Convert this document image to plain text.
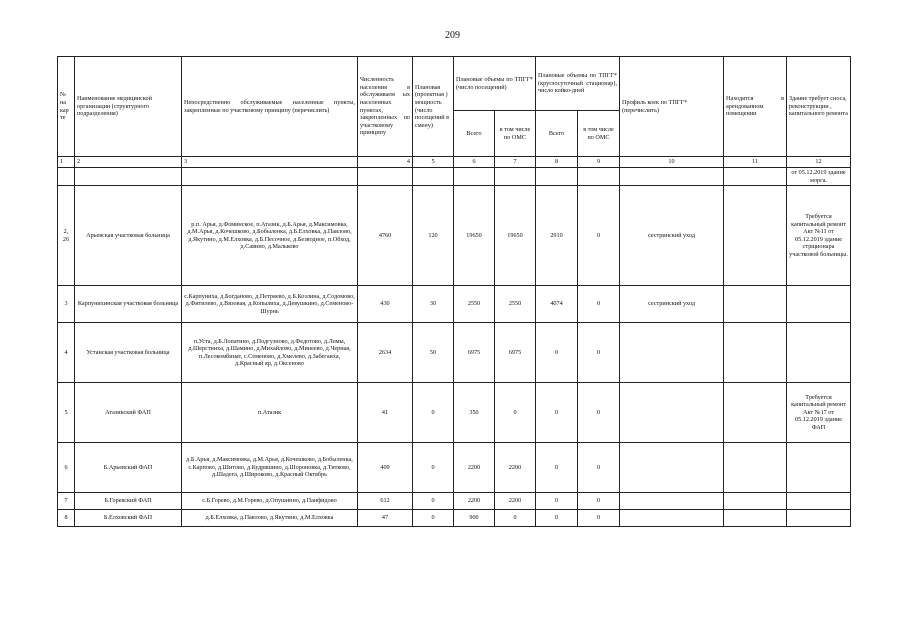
209
№ на кар те	Наименование медицинской организации (структурного подразделения)	Непосредственно обслуживаемые населенные пункты, закрепленные по участковому принципу (перечислить)	Численность населения в обслуживаем ых населенных пунктах, закрепленных по участковому принципу	Плановая (проектная ) мощность (число посещений в смену)	Плановые объемы по ТПГГ* (число посещений)		Плановые объемы по ТПГГ* (круглосуточный стационар), число койко-дней		Профиль коек по ТПГГ* (перечислить)	Находятся в арендованном помещении	Здание требует сноса, реконструкции , капитального ремонта
					Всего	в том числе по ОМС	Всего	в том числе по ОМС			
1	2	3	4	5	6	7	8	9	10	11	12
											от 05.12.2019 здание морга.
2, 26	Арьевская участковая больница	р.п. Арья, д.Фоминское, п.Атазик, д.Б.Арья, д.Максимовка, д.М.Арья, д.Кочешково, д.Бобыленка, д.Б.Елховка, д.Павлово, д.Якутино, д.М.Елховка, д.Б.Песочное, д.Безводное, п.Обход, д.Савино, д.Мальково	4760	120	19650	19650	2910	0	сестринский уход		Требуется капитальный ремонт Акт №11 от 05.12.2019 здание стрщионара участковой больницы.
3	Карпунихинская участковая больница	с.Карпуниха, д.Богданово, д.Петряево, д.Б.Козлина, д.Содомово, д.Фитилево, д.Вязовая, д.Копылиха, д.Девушкино, д.Семеново-Шурнь	430	30	2550	2550	4074	0	сестринский уход		
4	Устанская участковая больница	п.Уста, д.Б.Лопатино, д.Подгузново, д.Федотово, д.Ломы, д.Шерстниха, д.Шамино, д.Михайлово, д.Минеево, д.Черная, п.Лесокомбинат, с.Семеново, д.Хмелево, д.Забегаиха, д.Красный яр, д.Оксеново	2634	50	6975	6975	0	0			
5	Атазикский ФАП	п.Атазик	41	0	350	0	0	0			Требуется капитальный ремонт Акт №17 от 05.12.2019 здание ФАП
6	Б.Арьевский ФАП	д.Б.Арья, д.Максимовка, д.М.Арья, д.Кочешково, д.Бобыленка, с.Карпово, д.Шитово, д.Кудряшино, д.Шороновка, д.Титково, д.Шадега, д.Широково, д.Красный Октябрь	409	0	2200	2200	0	0			
7	Б.Горевский ФАП	с.Б.Горево, д.М.Горево, д.Опушинно, д.Панфидово	612	0	2200	2200	0	0			
8	Б.Елховский ФАП	д.Б.Елховка, д.Павлово, д.Якутино, д.М.Елховка	47	0	900	0	0	0			
